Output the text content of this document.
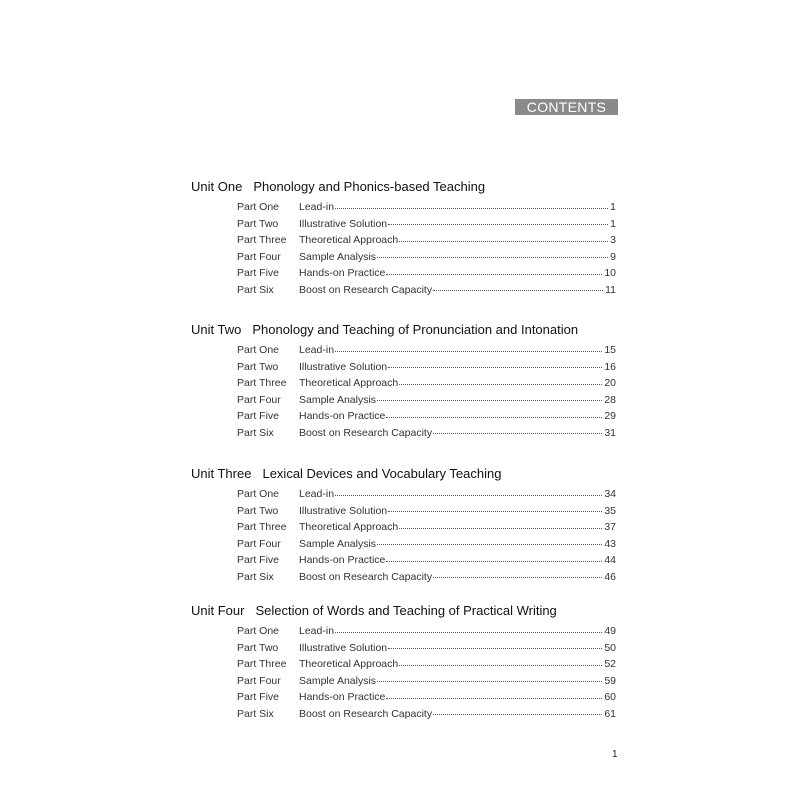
CONTENTS
Unit One Phonology and Phonics-based Teaching
Part One	Lead-in	1
Part Two	Illustrative Solution	1
Part Three	Theoretical Approach	3
Part Four	Sample Analysis	9
Part Five	Hands-on Practice	10
Part Six	Boost on Research Capacity	11
Unit Two Phonology and Teaching of Pronunciation and Intonation
Part One	Lead-in	15
Part Two	Illustrative Solution	16
Part Three	Theoretical Approach	20
Part Four	Sample Analysis	28
Part Five	Hands-on Practice	29
Part Six	Boost on Research Capacity	31
Unit Three Lexical Devices and Vocabulary Teaching
Part One	Lead-in	34
Part Two	Illustrative Solution	35
Part Three	Theoretical Approach	37
Part Four	Sample Analysis	43
Part Five	Hands-on Practice	44
Part Six	Boost on Research Capacity	46
Unit Four Selection of Words and Teaching of Practical Writing
Part One	Lead-in	49
Part Two	Illustrative Solution	50
Part Three	Theoretical Approach	52
Part Four	Sample Analysis	59
Part Five	Hands-on Practice	60
Part Six	Boost on Research Capacity	61
1
